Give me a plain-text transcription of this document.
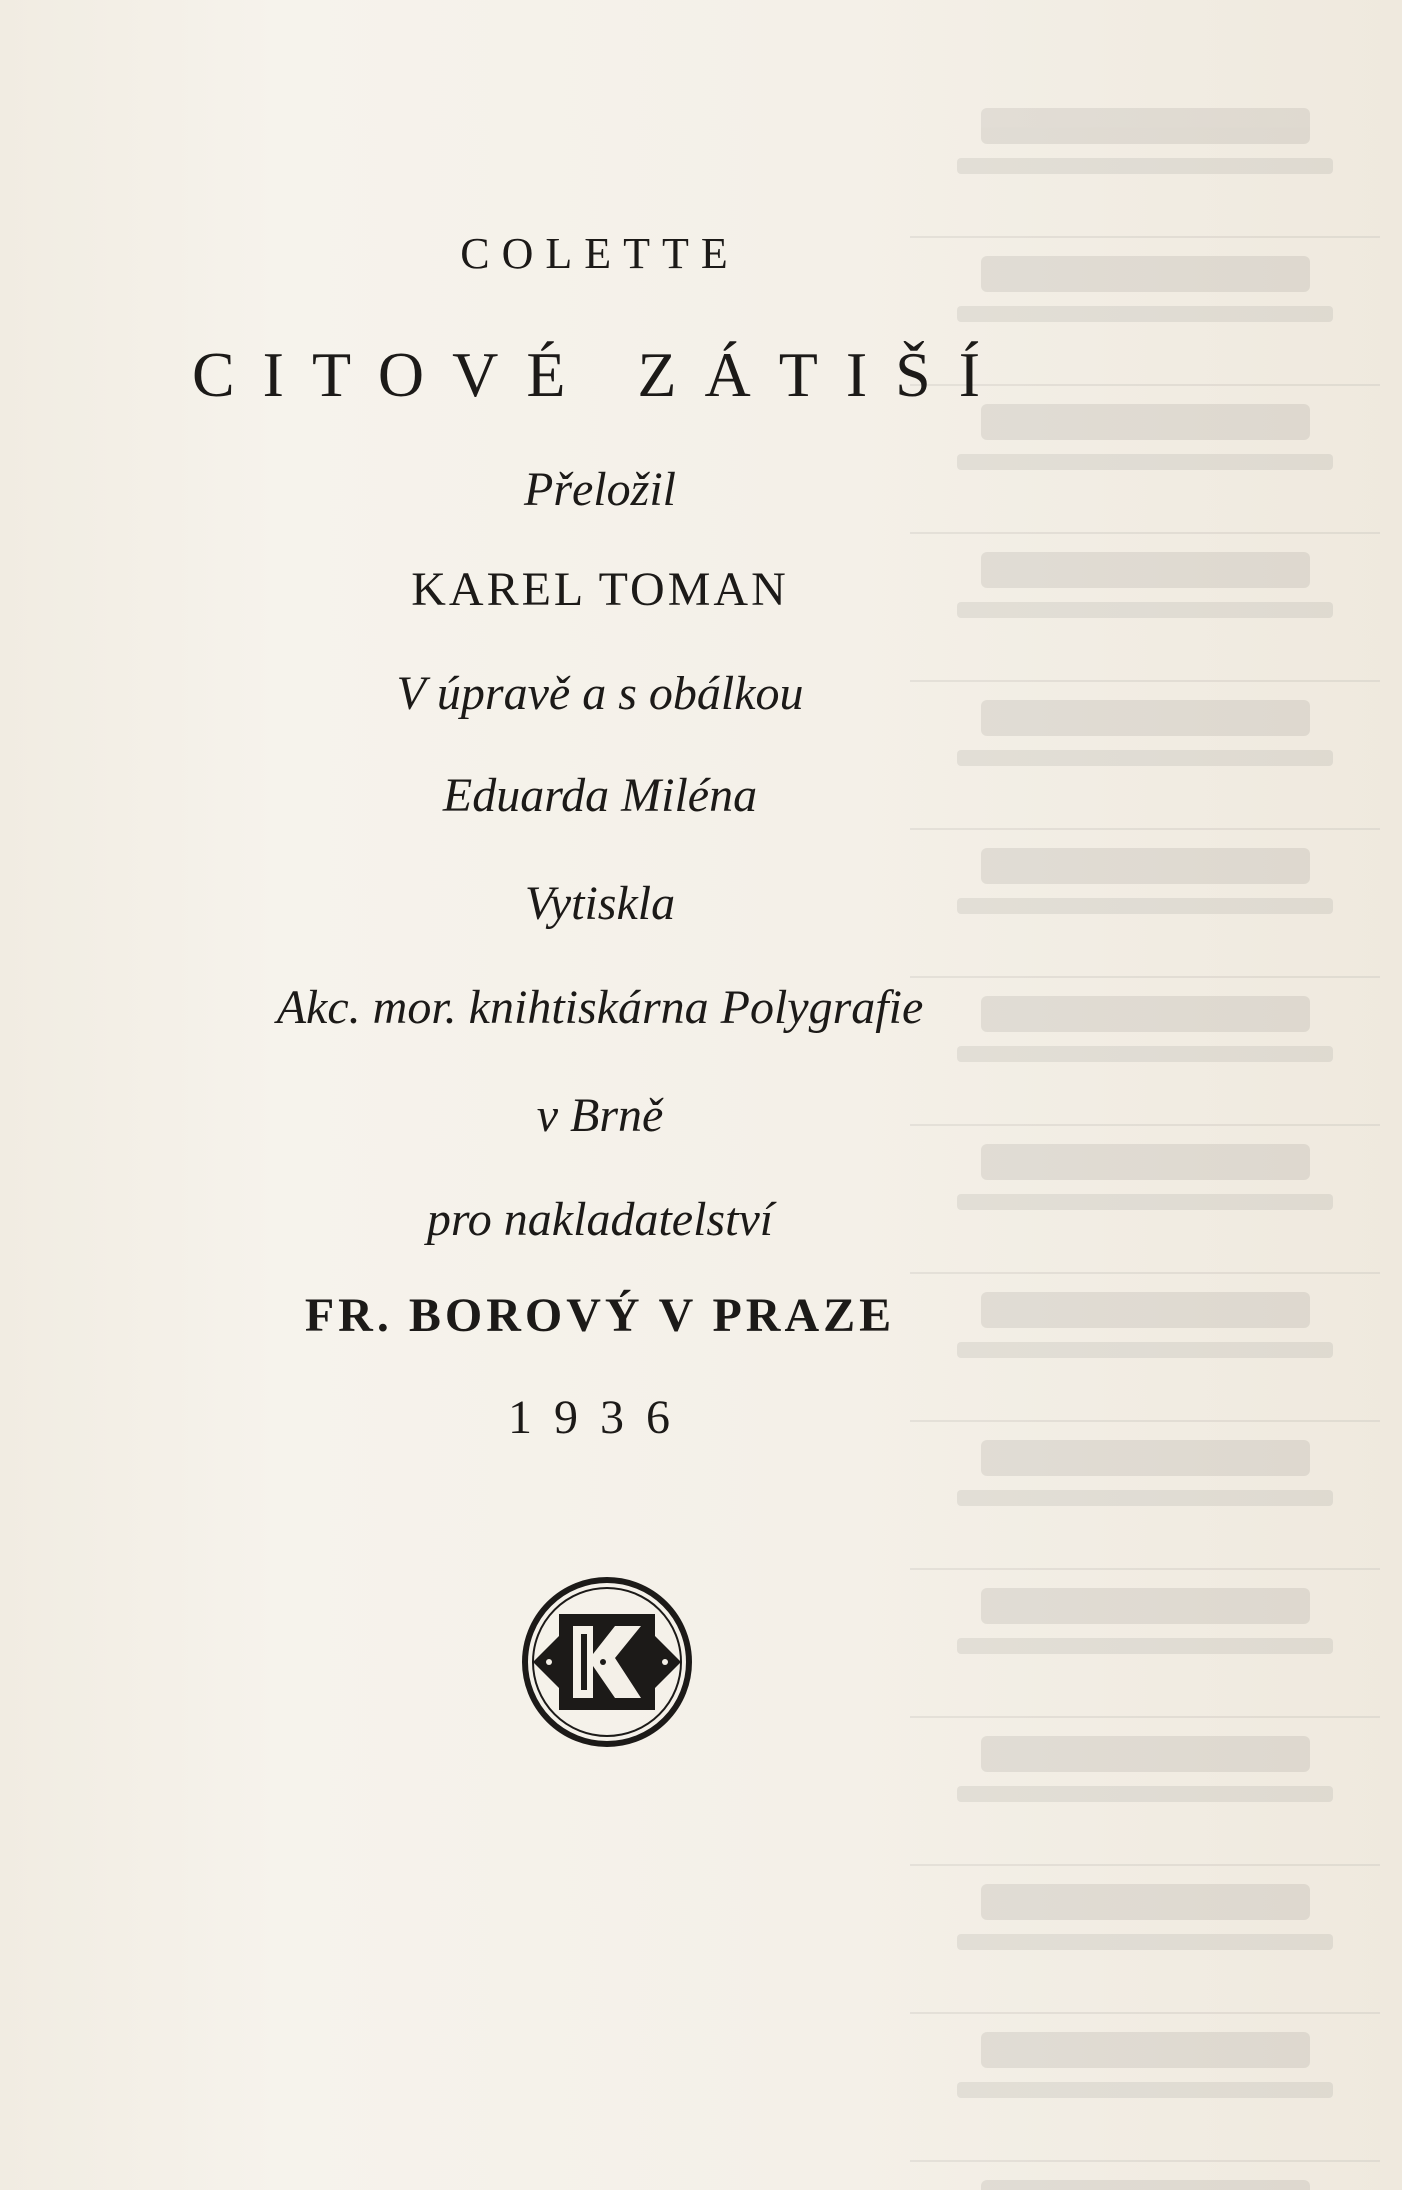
COLETTE
CITOVÉ ZÁTIŠÍ
Přeložil
KAREL TOMAN
V úpravě a s obálkou
Eduarda Miléna
Vytiskla
Akc. mor. knihtiskárna Polygrafie
v Brně
pro nakladatelství
FR. BOROVÝ V PRAZE
1936
